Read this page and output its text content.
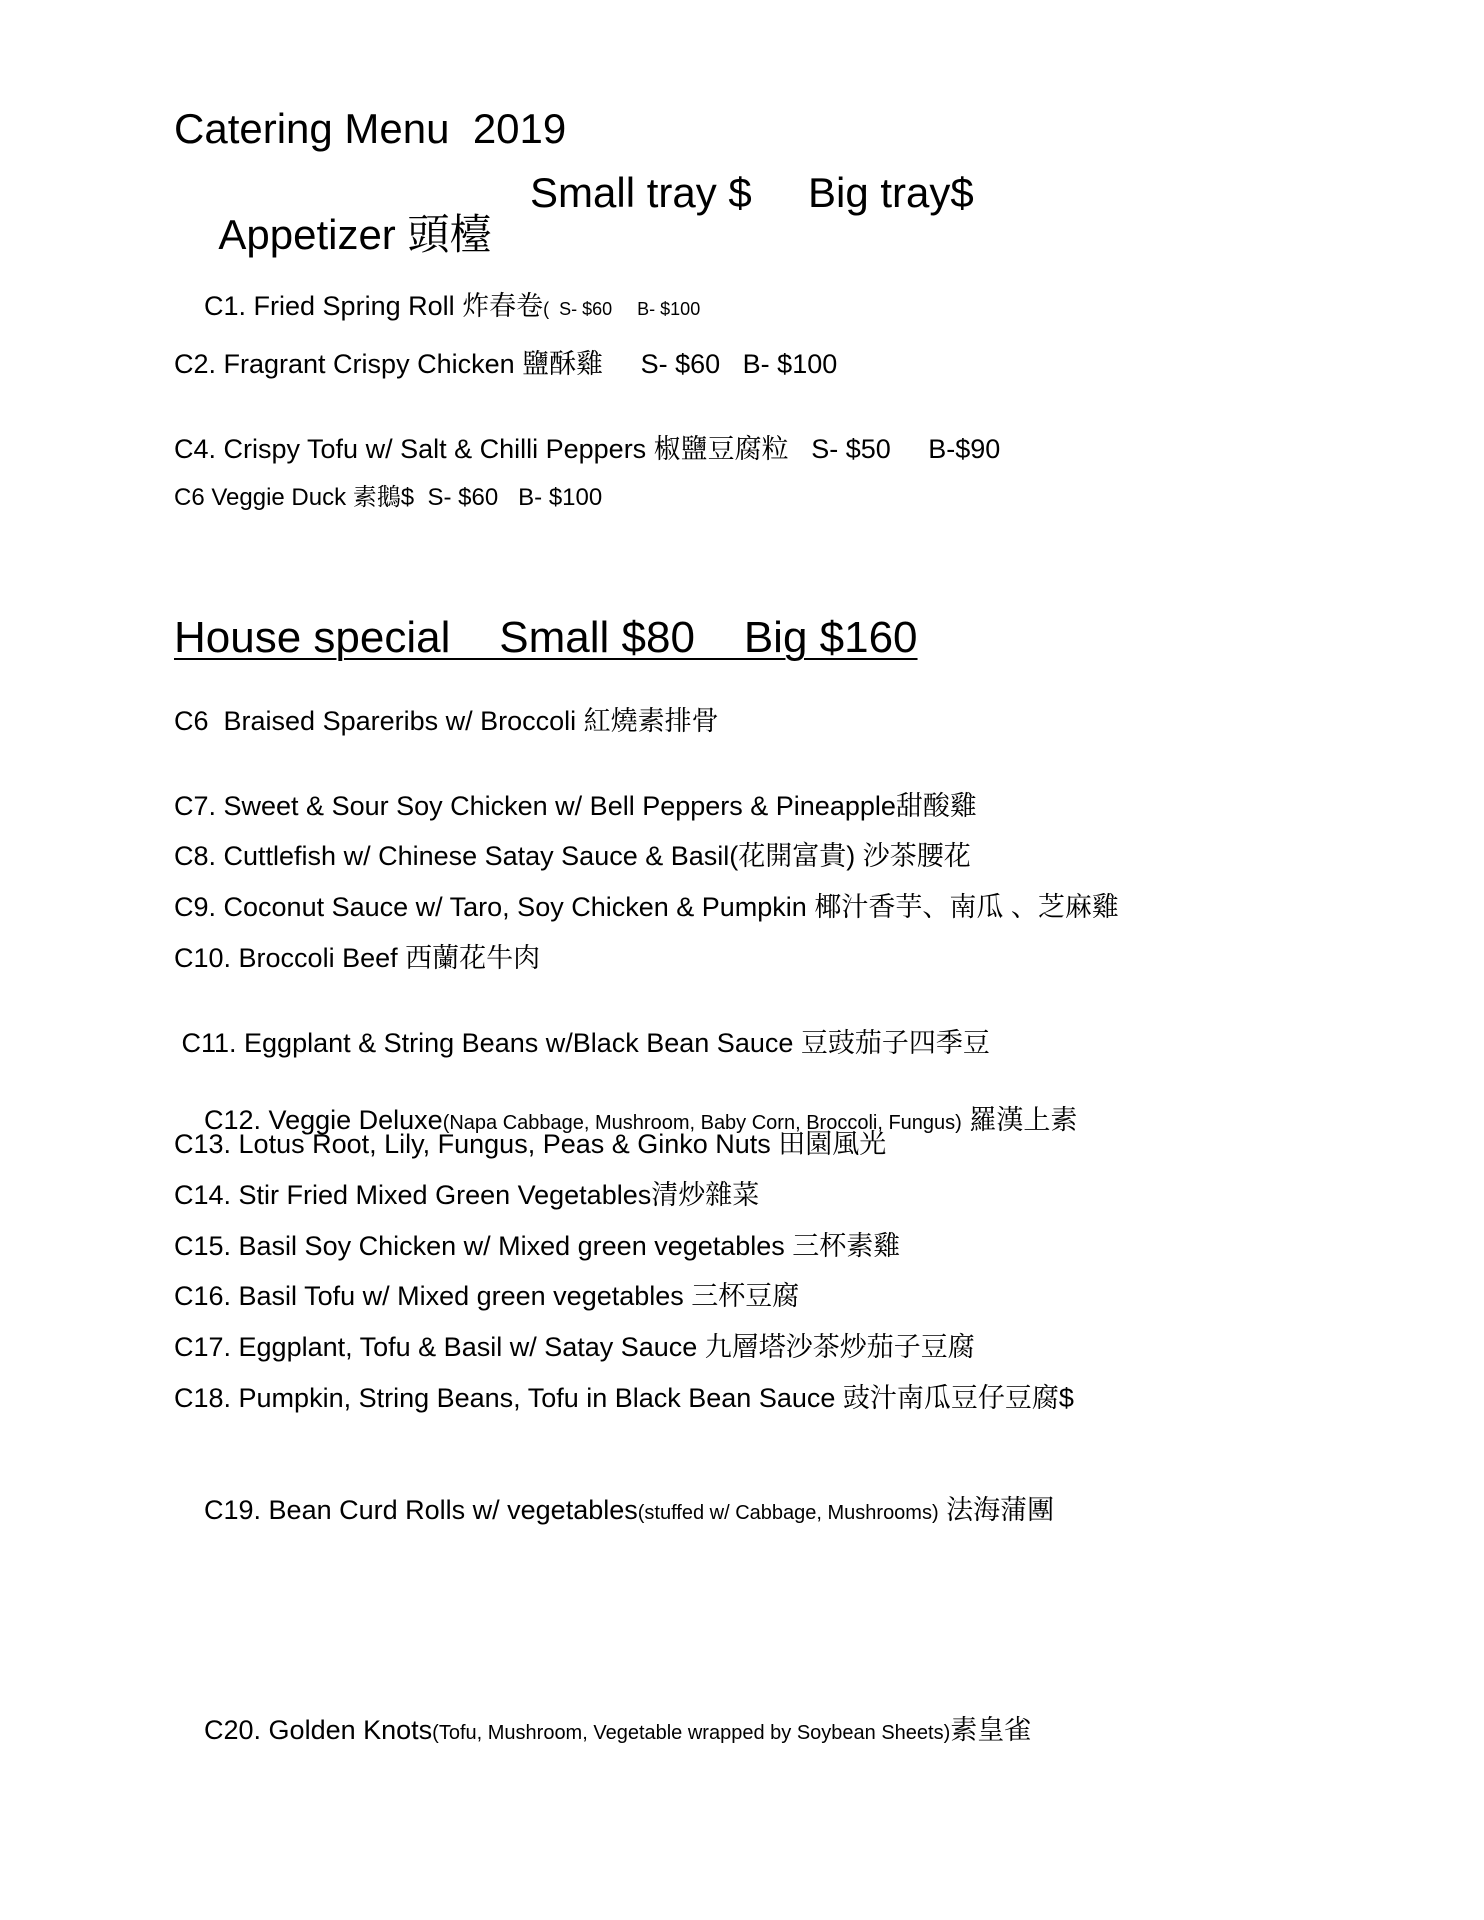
Catering Menu  2019

Appetizer 頭檯

Small tray $

Big tray$

C1. Fried Spring Roll 炸春卷(  S- $60     B- $100

C2. Fragrant Crispy Chicken 鹽酥雞     S- $60   B- $100
C4. Crispy Tofu w/ Salt & Chilli Peppers 椒鹽豆腐粒   S- $50     B-$90
C6 Veggie Duck 素鵝$  S- $60   B- $100
House special    Small $80    Big $160
C6  Braised Spareribs w/ Broccoli 紅燒素排骨
C7. Sweet & Sour Soy Chicken w/ Bell Peppers & Pineapple甜酸雞
C8. Cuttlefish w/ Chinese Satay Sauce & Basil(花開富貴) 沙茶腰花
C9. Coconut Sauce w/ Taro, Soy Chicken & Pumpkin 椰汁香芋、南瓜 、芝麻雞
C10. Broccoli Beef 西蘭花牛肉
C11. Eggplant & String Beans w/Black Bean Sauce 豆豉茄子四季豆

C12. Veggie Deluxe(Napa Cabbage, Mushroom, Baby Corn, Broccoli, Fungus) 羅漢上素

C13. Lotus Root, Lily, Fungus, Peas & Ginko Nuts 田園風光
C14. Stir Fried Mixed Green Vegetables清炒雜菜
C15. Basil Soy Chicken w/ Mixed green vegetables 三杯素雞
C16. Basil Tofu w/ Mixed green vegetables 三杯豆腐
C17. Eggplant, Tofu & Basil w/ Satay Sauce 九層塔沙茶炒茄子豆腐
C18. Pumpkin, String Beans, Tofu in Black Bean Sauce 豉汁南瓜豆仔豆腐$

C19. Bean Curd Rolls w/ vegetables(stuffed w/ Cabbage, Mushrooms) 法海蒲團

C20. Golden Knots(Tofu, Mushroom, Vegetable wrapped by Soybean Sheets)素皇雀
